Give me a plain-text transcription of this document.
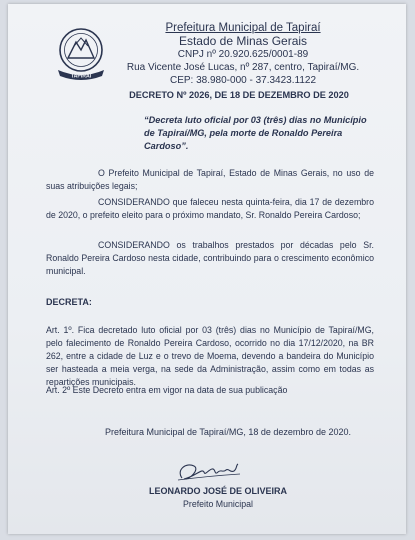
TAPIRAÍ
Prefeitura Municipal de Tapiraí
Estado de Minas Gerais
CNPJ nº 20.920.625/0001-89
Rua Vicente José Lucas, nº 287, centro, Tapiraí/MG.
CEP: 38.980-000 - 37.3423.1122
DECRETO Nº 2026, DE 18 DE DEZEMBRO DE 2020
“Decreta luto oficial por 03 (três) dias no Município de Tapiraí/MG, pela morte de Ronaldo Pereira Cardoso”.
O Prefeito Municipal de Tapiraí, Estado de Minas Gerais, no uso de suas atribuições legais;
CONSIDERANDO que faleceu nesta quinta-feira, dia 17 de dezembro de 2020, o prefeito eleito para o próximo mandato, Sr. Ronaldo Pereira Cardoso;
CONSIDERANDO os trabalhos prestados por décadas pelo Sr. Ronaldo Pereira Cardoso nesta cidade, contribuindo para o crescimento econômico municipal.
DECRETA:
Art. 1º. Fica decretado luto oficial por 03 (três) dias no Município de Tapiraí/MG, pelo falecimento de Ronaldo Pereira Cardoso, ocorrido no dia 17/12/2020, na BR 262, entre a cidade de Luz e o trevo de Moema, devendo a bandeira do Município ser hasteada a meia verga, na sede da Administração, assim como em todas as repartições municipais.
Art. 2º Este Decreto entra em vigor na data de sua publicação
Prefeitura Municipal de Tapiraí/MG, 18 de dezembro de 2020.
LEONARDO JOSÉ DE OLIVEIRA
Prefeito Municipal
